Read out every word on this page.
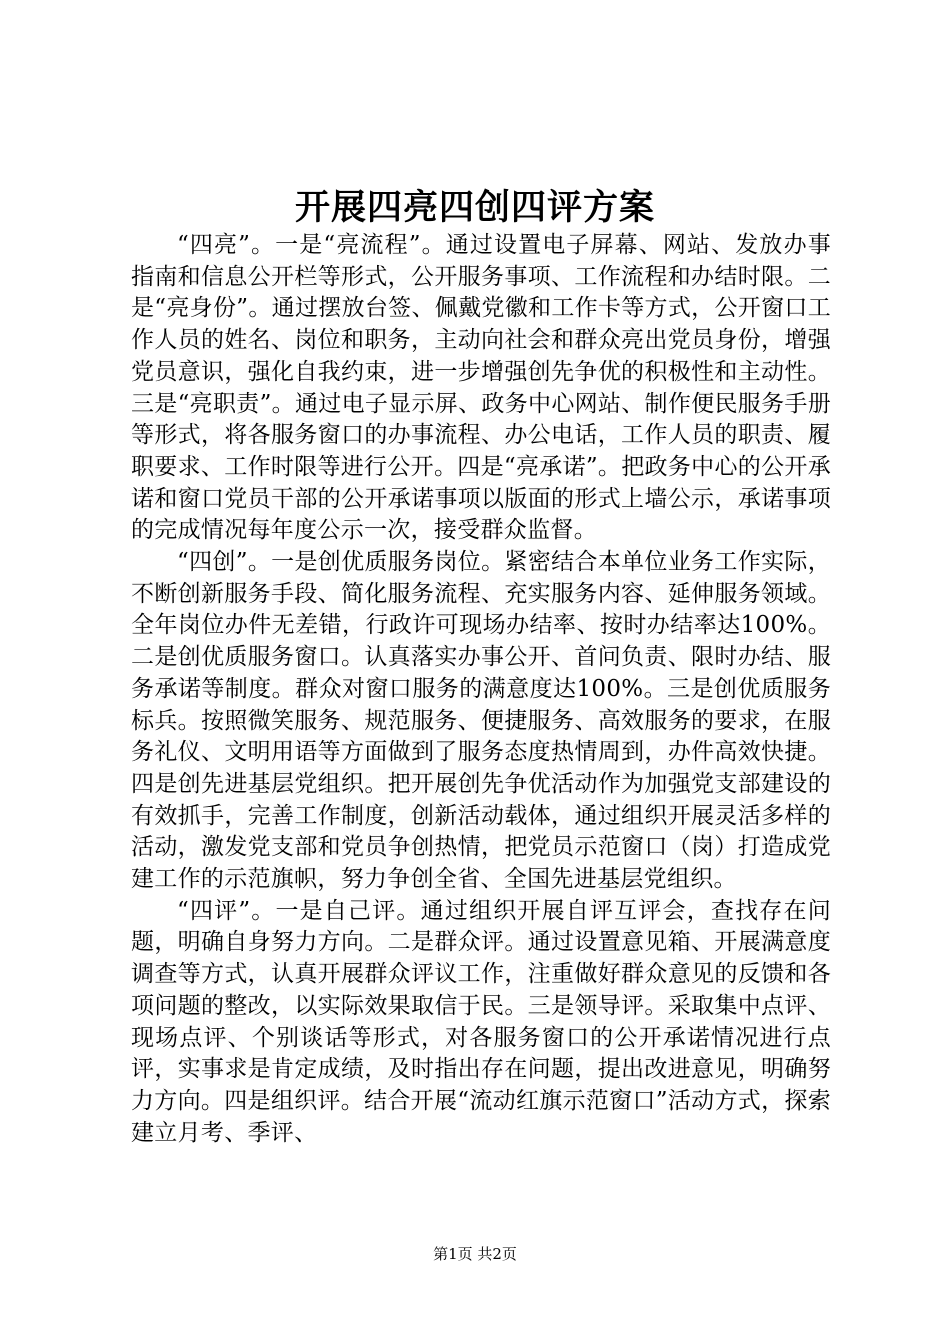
开展四亮四创四评方案

“四亮”。一是“亮流程”。通过设置电子屏幕、网站、发放办事指南和信息公开栏等形式，公开服务事项、工作流程和办结时限。二是“亮身份”。通过摆放台签、佩戴党徽和工作卡等方式，公开窗口工作人员的姓名、岗位和职务，主动向社会和群众亮出党员身份，增强党员意识，强化自我约束，进一步增强创先争优的积极性和主动性。三是“亮职责”。通过电子显示屏、政务中心网站、制作便民服务手册等形式，将各服务窗口的办事流程、办公电话，工作人员的职责、履职要求、工作时限等进行公开。四是“亮承诺”。把政务中心的公开承诺和窗口党员干部的公开承诺事项以版面的形式上墙公示，承诺事项的完成情况每年度公示一次，接受群众监督。

“四创”。一是创优质服务岗位。紧密结合本单位业务工作实际，不断创新服务手段、简化服务流程、充实服务内容、延伸服务领域。全年岗位办件无差错，行政许可现场办结率、按时办结率达100%。二是创优质服务窗口。认真落实办事公开、首问负责、限时办结、服务承诺等制度。群众对窗口服务的满意度达100%。三是创优质服务标兵。按照微笑服务、规范服务、便捷服务、高效服务的要求，在服务礼仪、文明用语等方面做到了服务态度热情周到，办件高效快捷。四是创先进基层党组织。把开展创先争优活动作为加强党支部建设的有效抓手，完善工作制度，创新活动载体，通过组织开展灵活多样的活动，激发党支部和党员争创热情，把党员示范窗口（岗）打造成党建工作的示范旗帜，努力争创全省、全国先进基层党组织。

“四评”。一是自己评。通过组织开展自评互评会，查找存在问题，明确自身努力方向。二是群众评。通过设置意见箱、开展满意度调查等方式，认真开展群众评议工作，注重做好群众意见的反馈和各项问题的整改，以实际效果取信于民。三是领导评。采取集中点评、现场点评、个别谈话等形式，对各服务窗口的公开承诺情况进行点评，实事求是肯定成绩，及时指出存在问题，提出改进意见，明确努力方向。四是组织评。结合开展“流动红旗示范窗口”活动方式，探索建立月考、季评、

第1页 共2页
